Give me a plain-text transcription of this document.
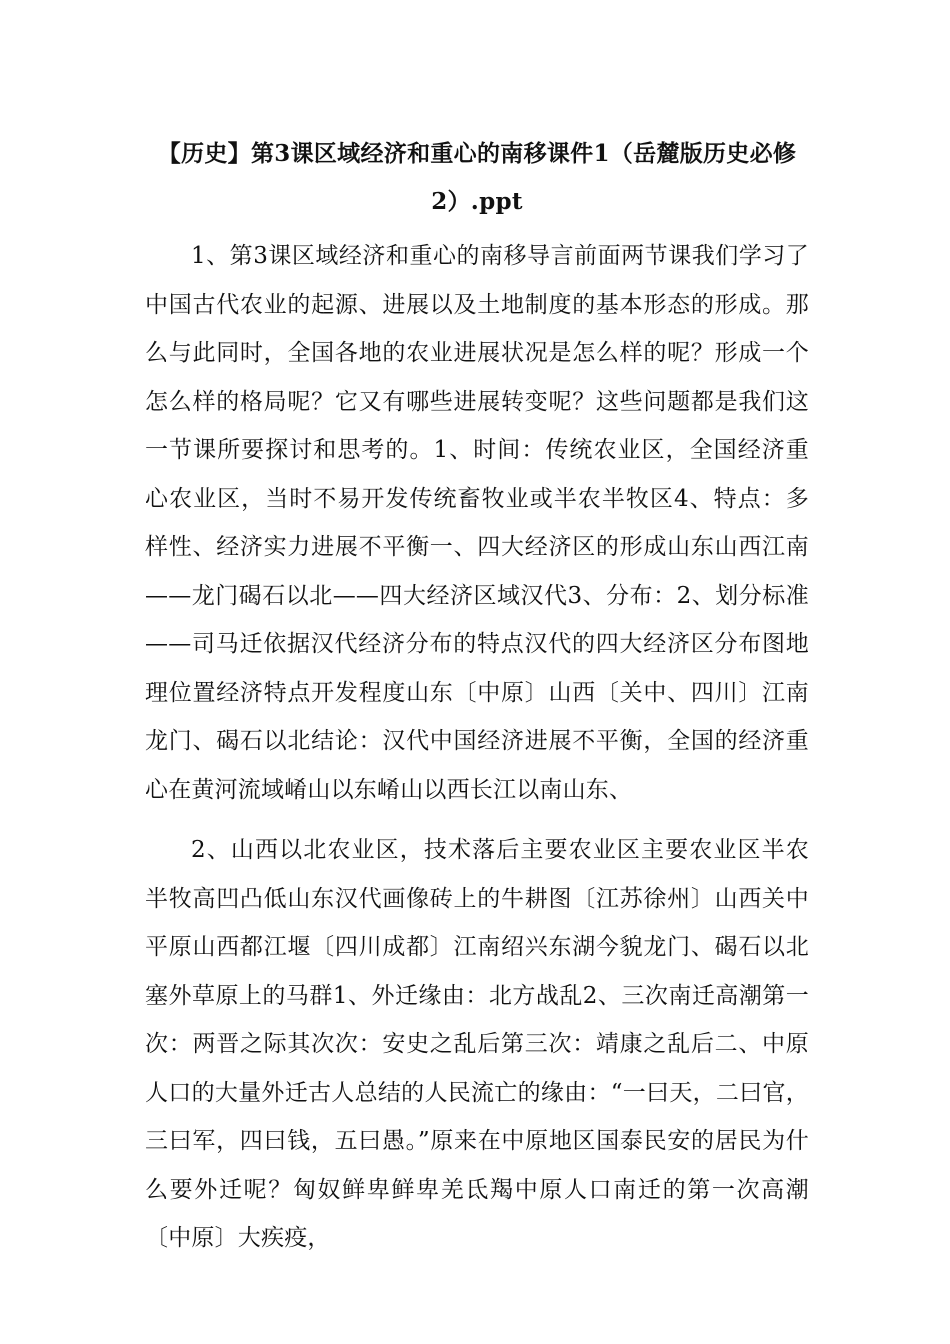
【历史】第3课区域经济和重心的南移课件1（岳麓版历史必修2）.ppt

1、第3课区域经济和重心的南移导言前面两节课我们学习了中国古代农业的起源、进展以及土地制度的基本形态的形成。那么与此同时，全国各地的农业进展状况是怎么样的呢？形成一个怎么样的格局呢？它又有哪些进展转变呢？这些问题都是我们这一节课所要探讨和思考的。1、时间：传统农业区，全国经济重心农业区，当时不易开发传统畜牧业或半农半牧区4、特点：多样性、经济实力进展不平衡一、四大经济区的形成山东山西江南——龙门碣石以北——四大经济区域汉代3、分布：2、划分标准——司马迁依据汉代经济分布的特点汉代的四大经济区分布图地理位置经济特点开发程度山东〔中原〕山西〔关中、四川〕江南龙门、碣石以北结论：汉代中国经济进展不平衡，全国的经济重心在黄河流域崤山以东崤山以西长江以南山东、

2、山西以北农业区，技术落后主要农业区主要农业区半农半牧高凹凸低山东汉代画像砖上的牛耕图〔江苏徐州〕山西关中平原山西都江堰〔四川成都〕江南绍兴东湖今貌龙门、碣石以北塞外草原上的马群1、外迁缘由：北方战乱2、三次南迁高潮第一次：两晋之际其次次：安史之乱后第三次：靖康之乱后二、中原人口的大量外迁古人总结的人民流亡的缘由：“一曰天，二曰官，三曰军，四曰钱，五曰愚。”原来在中原地区国泰民安的居民为什么要外迁呢？匈奴鲜卑鲜卑羌氐羯中原人口南迁的第一次高潮〔中原〕大疾疫，
